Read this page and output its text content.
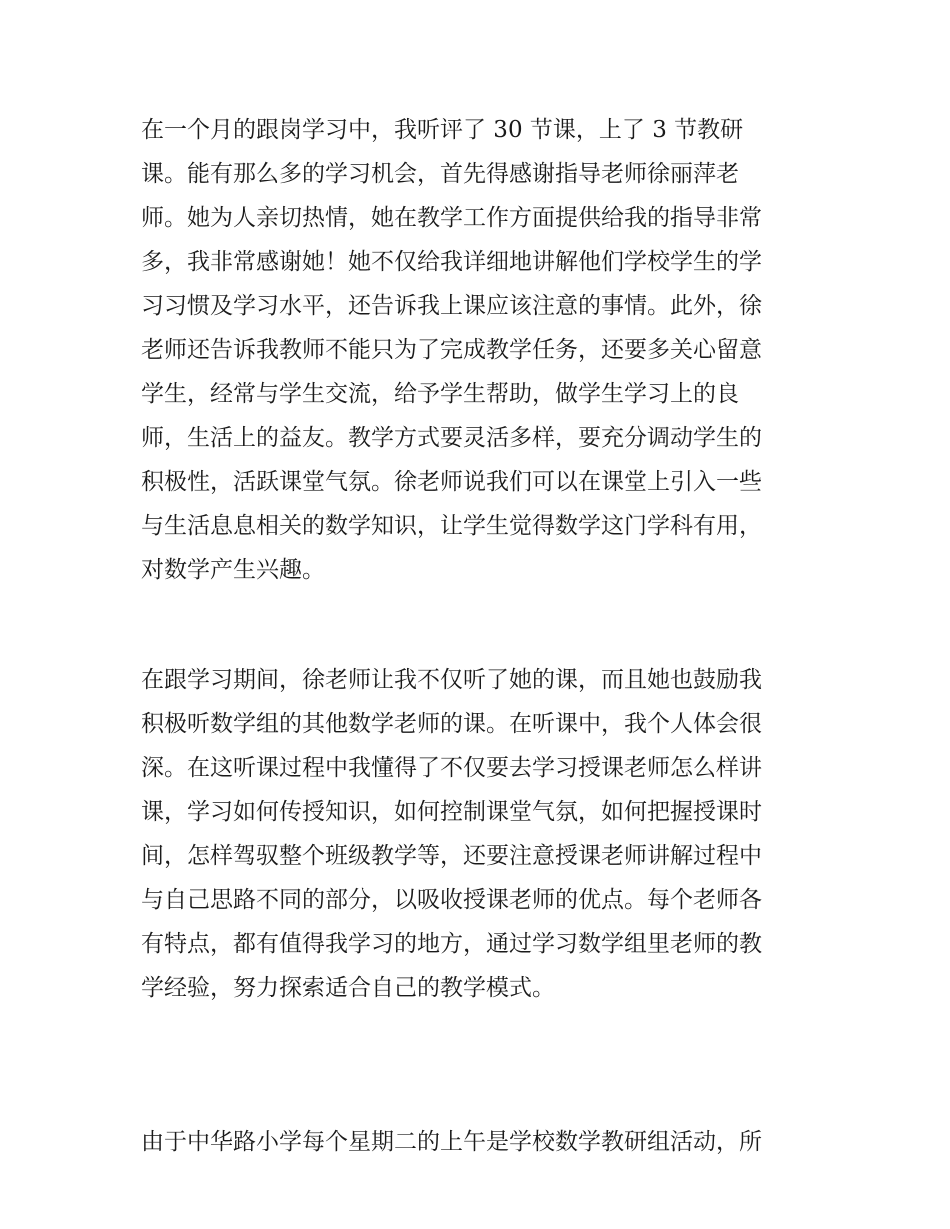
在一个月的跟岗学习中，我听评了 30 节课，上了 3 节教研
课。能有那么多的学习机会，首先得感谢指导老师徐丽萍老
师。她为人亲切热情，她在教学工作方面提供给我的指导非常
多，我非常感谢她！她不仅给我详细地讲解他们学校学生的学
习习惯及学习水平，还告诉我上课应该注意的事情。此外，徐
老师还告诉我教师不能只为了完成教学任务，还要多关心留意
学生，经常与学生交流，给予学生帮助，做学生学习上的良
师，生活上的益友。教学方式要灵活多样，要充分调动学生的
积极性，活跃课堂气氛。徐老师说我们可以在课堂上引入一些
与生活息息相关的数学知识，让学生觉得数学这门学科有用，
对数学产生兴趣。

在跟学习期间，徐老师让我不仅听了她的课，而且她也鼓励我
积极听数学组的其他数学老师的课。在听课中，我个人体会很
深。在这听课过程中我懂得了不仅要去学习授课老师怎么样讲
课，学习如何传授知识，如何控制课堂气氛，如何把握授课时
间，怎样驾驭整个班级教学等，还要注意授课老师讲解过程中
与自己思路不同的部分，以吸收授课老师的优点。每个老师各
有特点，都有值得我学习的地方，通过学习数学组里老师的教
学经验，努力探索适合自己的教学模式。

由于中华路小学每个星期二的上午是学校数学教研组活动，所
